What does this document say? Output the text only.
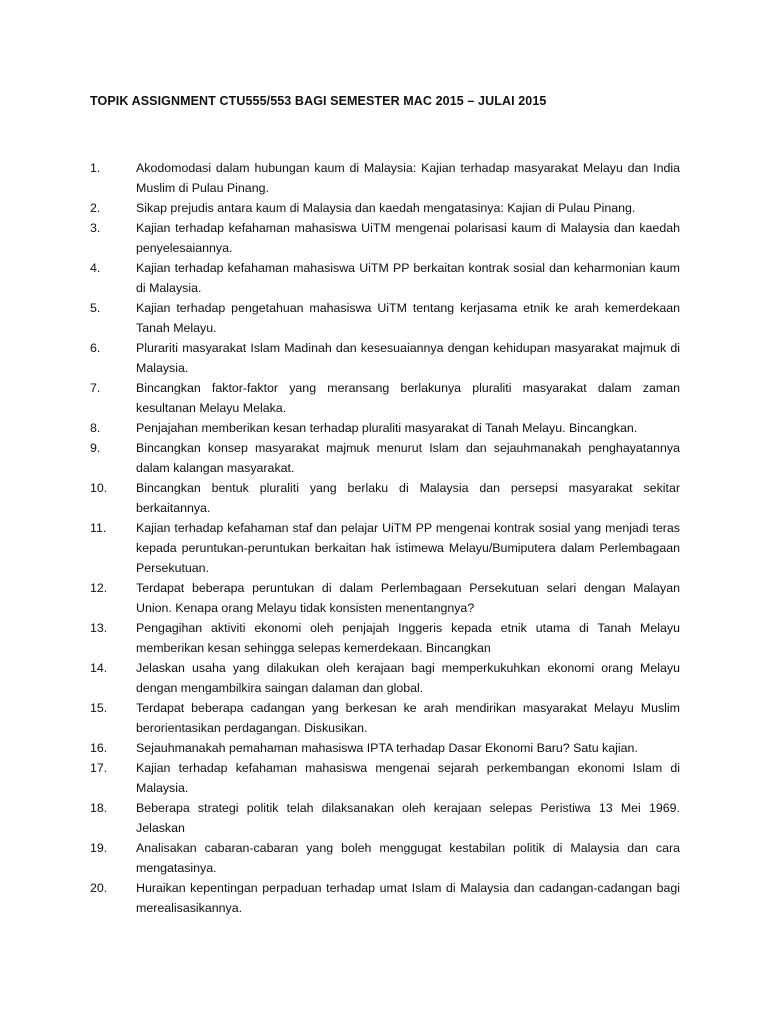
TOPIK ASSIGNMENT CTU555/553 BAGI SEMESTER MAC 2015 – JULAI 2015
1.	Akodomodasi dalam hubungan kaum di Malaysia: Kajian terhadap masyarakat Melayu dan India Muslim di Pulau Pinang.
2.	Sikap prejudis antara kaum di Malaysia dan kaedah mengatasinya: Kajian di Pulau Pinang.
3.	Kajian terhadap kefahaman mahasiswa UiTM mengenai polarisasi kaum di Malaysia dan kaedah penyelesaiannya.
4.	Kajian terhadap kefahaman mahasiswa UiTM PP berkaitan kontrak sosial dan keharmonian kaum di Malaysia.
5.	Kajian terhadap pengetahuan mahasiswa UiTM tentang kerjasama etnik ke arah kemerdekaan Tanah Melayu.
6.	Plurariti masyarakat Islam Madinah dan kesesuaiannya dengan kehidupan masyarakat majmuk di Malaysia.
7.	Bincangkan faktor-faktor yang meransang berlakunya pluraliti masyarakat dalam zaman kesultanan Melayu Melaka.
8.	Penjajahan memberikan kesan terhadap pluraliti masyarakat di Tanah Melayu. Bincangkan.
9.	Bincangkan konsep masyarakat majmuk menurut Islam dan sejauhmanakah penghayatannya dalam kalangan masyarakat.
10.	Bincangkan bentuk pluraliti yang berlaku di Malaysia dan persepsi masyarakat sekitar berkaitannya.
11.	Kajian terhadap kefahaman staf dan pelajar UiTM PP mengenai kontrak sosial yang menjadi teras kepada peruntukan-peruntukan berkaitan hak istimewa Melayu/Bumiputera dalam Perlembagaan Persekutuan.
12.	Terdapat beberapa peruntukan di dalam Perlembagaan Persekutuan selari dengan Malayan Union. Kenapa orang Melayu tidak konsisten menentangnya?
13.	Pengagihan aktiviti ekonomi oleh penjajah Inggeris kepada etnik utama di Tanah Melayu memberikan kesan sehingga selepas kemerdekaan. Bincangkan
14.	Jelaskan usaha yang dilakukan oleh kerajaan bagi memperkukuhkan ekonomi orang Melayu dengan mengambilkira saingan dalaman dan global.
15.	Terdapat beberapa cadangan yang berkesan ke arah mendirikan masyarakat Melayu Muslim berorientasikan perdagangan. Diskusikan.
16.	Sejauhmanakah pemahaman mahasiswa IPTA terhadap Dasar Ekonomi Baru? Satu kajian.
17.	Kajian terhadap kefahaman mahasiswa mengenai sejarah perkembangan ekonomi Islam di Malaysia.
18.	Beberapa strategi politik telah dilaksanakan oleh kerajaan selepas Peristiwa 13 Mei 1969. Jelaskan
19.	Analisakan cabaran-cabaran yang boleh menggugat kestabilan politik di Malaysia dan cara mengatasinya.
20.	Huraikan kepentingan perpaduan terhadap umat Islam di Malaysia dan cadangan-cadangan bagi merealisasikannya.
